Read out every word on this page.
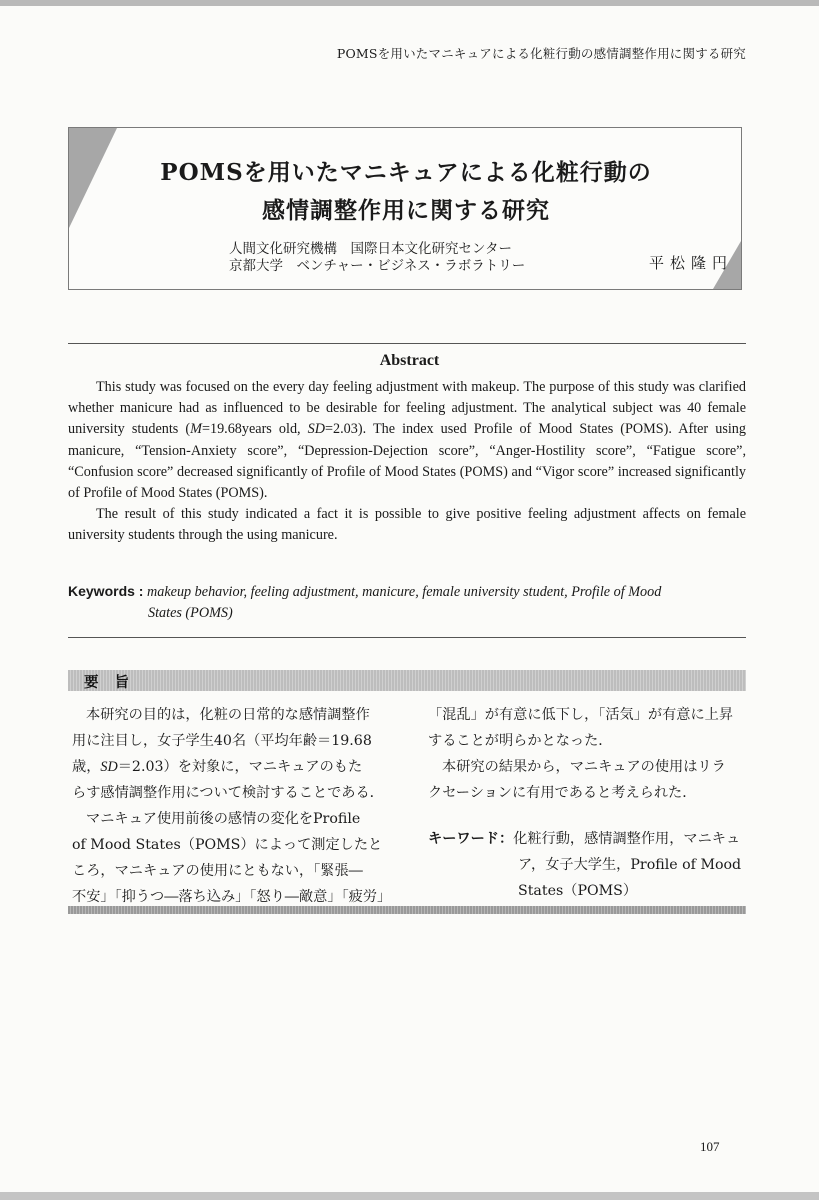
POMSを用いたマニキュアによる化粧行動の感情調整作用に関する研究
POMSを用いたマニキュアによる化粧行動の
感情調整作用に関する研究
人間文化研究機構　国際日本文化研究センター
京都大学　ベンチャー・ビジネス・ラボラトリー	平松隆円
Abstract

This study was focused on the every day feeling adjustment with makeup. The purpose of this study was clarified whether manicure had as influenced to be desirable for feeling adjustment. The analytical subject was 40 female university students (M=19.68years old, SD=2.03). The index used Profile of Mood States (POMS). After using manicure, “Tension-Anxiety score”, “Depression-Dejection score”, “Anger-Hostility score”, “Fatigue score”, “Confusion score” decreased significantly of Profile of Mood States (POMS) and “Vigor score” increased significantly of Profile of Mood States (POMS).

The result of this study indicated a fact it is possible to give positive feeling adjustment affects on female university students through the using manicure.

Keywords : makeup behavior, feeling adjustment, manicure, female university student, Profile of Mood
States (POMS)
要旨
本研究の目的は，化粧の日常的な感情調整作
用に注目し，女子学生40名（平均年齢＝19.68
歳，SD＝2.03）を対象に，マニキュアのもた
らす感情調整作用について検討することである．
マニキュア使用前後の感情の変化をProfile
of Mood States（POMS）によって測定したと
ころ，マニキュアの使用にともない，「緊張―
不安」「抑うつ―落ち込み」「怒り―敵意」「疲労」
「混乱」が有意に低下し，「活気」が有意に上昇
することが明らかとなった．
本研究の結果から，マニキュアの使用はリラ
クセーションに有用であると考えられた．
キーワード：化粧行動，感情調整作用，マニキュ
ア，女子大学生，Profile of Mood
States（POMS）
107
